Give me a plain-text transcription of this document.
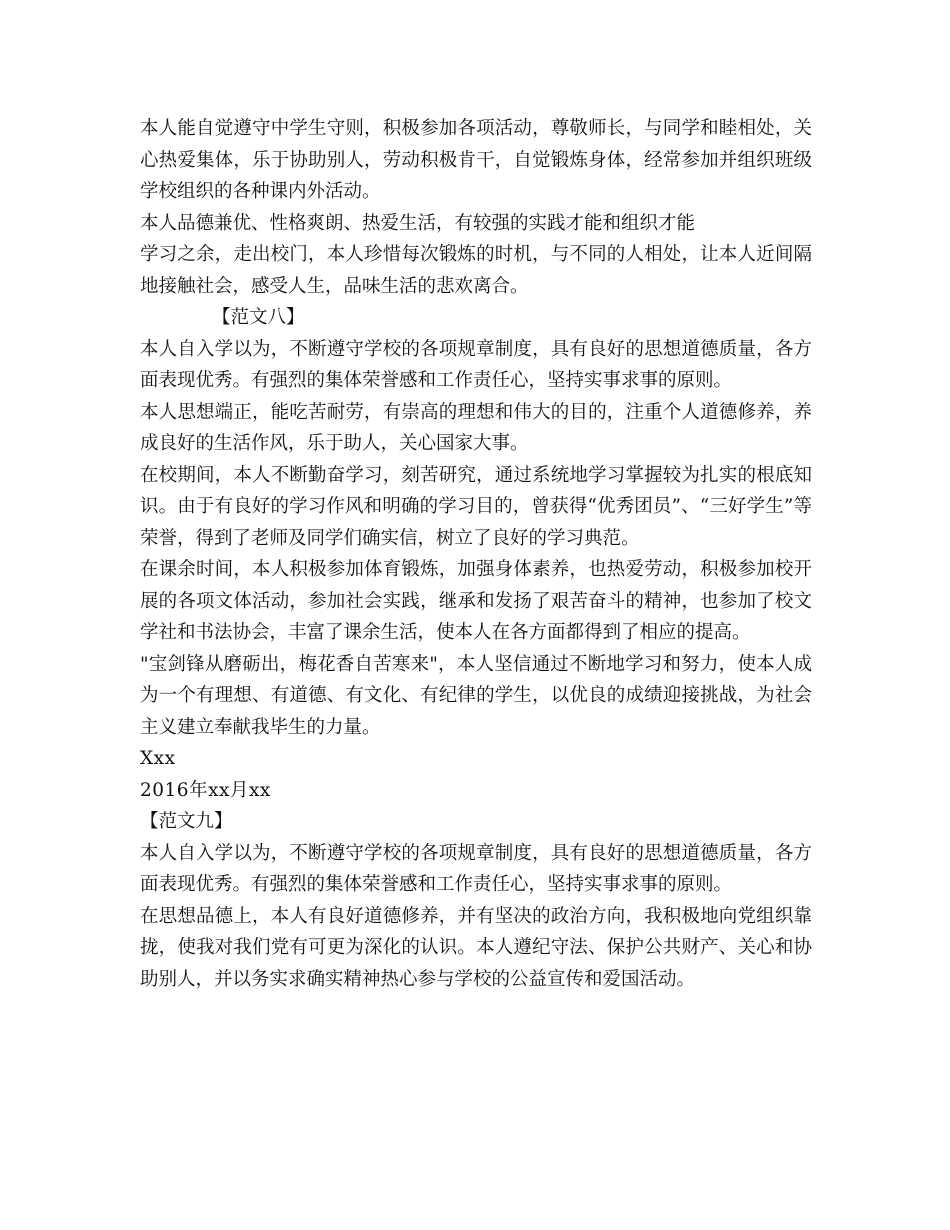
本人能自觉遵守中学生守则，积极参加各项活动，尊敬师长，与同学和睦相处，关心热爱集体，乐于协助别人，劳动积极肯干，自觉锻炼身体，经常参加并组织班级学校组织的各种课内外活动。

本人品德兼优、性格爽朗、热爱生活，有较强的实践才能和组织才能

学习之余，走出校门，本人珍惜每次锻炼的时机，与不同的人相处，让本人近间隔地接触社会，感受人生，品味生活的悲欢离合。

【范文八】

本人自入学以为，不断遵守学校的各项规章制度，具有良好的思想道德质量，各方面表现优秀。有强烈的集体荣誉感和工作责任心，坚持实事求事的原则。

本人思想端正，能吃苦耐劳，有崇高的理想和伟大的目的，注重个人道德修养，养成良好的生活作风，乐于助人，关心国家大事。

在校期间，本人不断勤奋学习，刻苦研究，通过系统地学习掌握较为扎实的根底知识。由于有良好的学习作风和明确的学习目的，曾获得“优秀团员”、“三好学生”等荣誉，得到了老师及同学们确实信，树立了良好的学习典范。

在课余时间，本人积极参加体育锻炼，加强身体素养，也热爱劳动，积极参加校开展的各项文体活动，参加社会实践，继承和发扬了艰苦奋斗的精神，也参加了校文学社和书法协会，丰富了课余生活，使本人在各方面都得到了相应的提高。

"宝剑锋从磨砺出，梅花香自苦寒来"，本人坚信通过不断地学习和努力，使本人成为一个有理想、有道德、有文化、有纪律的学生，以优良的成绩迎接挑战，为社会主义建立奉献我毕生的力量。

Xxx

2016年xx月xx

【范文九】

本人自入学以为，不断遵守学校的各项规章制度，具有良好的思想道德质量，各方面表现优秀。有强烈的集体荣誉感和工作责任心，坚持实事求事的原则。

在思想品德上，本人有良好道德修养，并有坚决的政治方向，我积极地向党组织靠拢，使我对我们党有可更为深化的认识。本人遵纪守法、保护公共财产、关心和协助别人，并以务实求确实精神热心参与学校的公益宣传和爱国活动。
